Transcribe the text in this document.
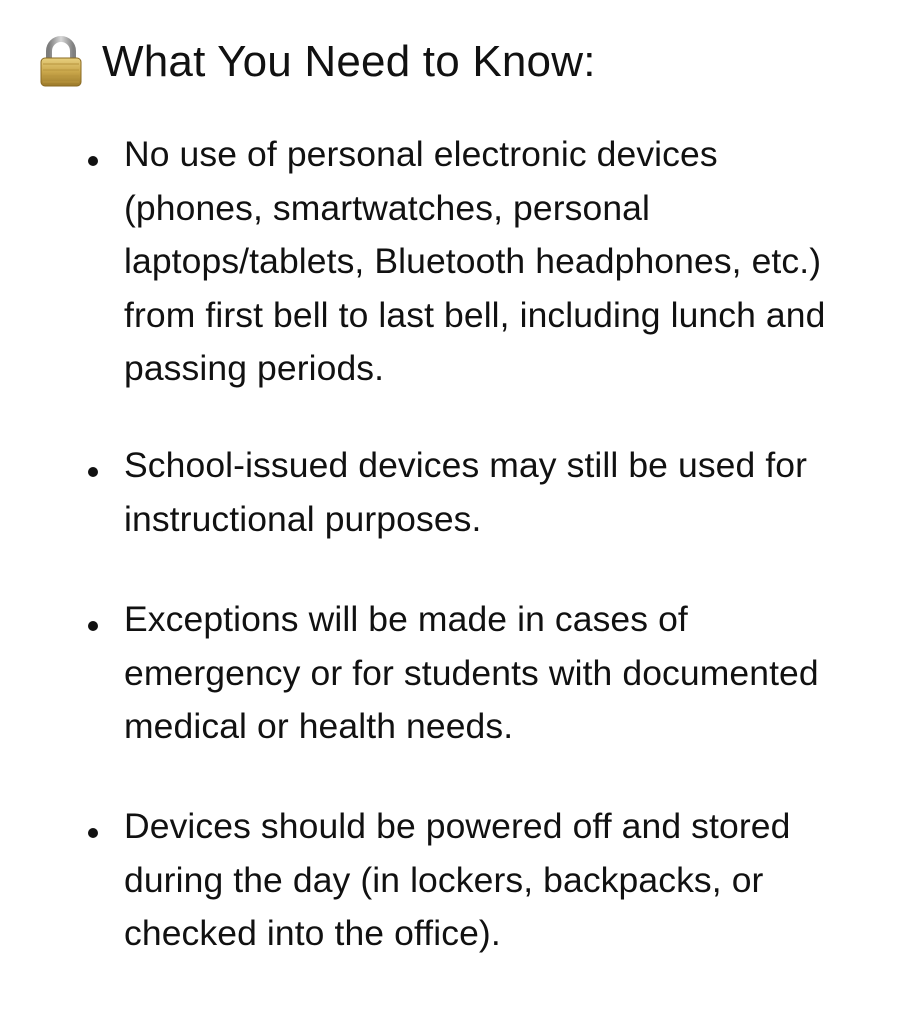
What You Need to Know:
No use of personal electronic devices (phones, smartwatches, personal laptops/tablets, Bluetooth headphones, etc.) from first bell to last bell, including lunch and passing periods.
School-issued devices may still be used for instructional purposes.
Exceptions will be made in cases of emergency or for students with documented medical or health needs.
Devices should be powered off and stored during the day (in lockers, backpacks, or checked into the office).
